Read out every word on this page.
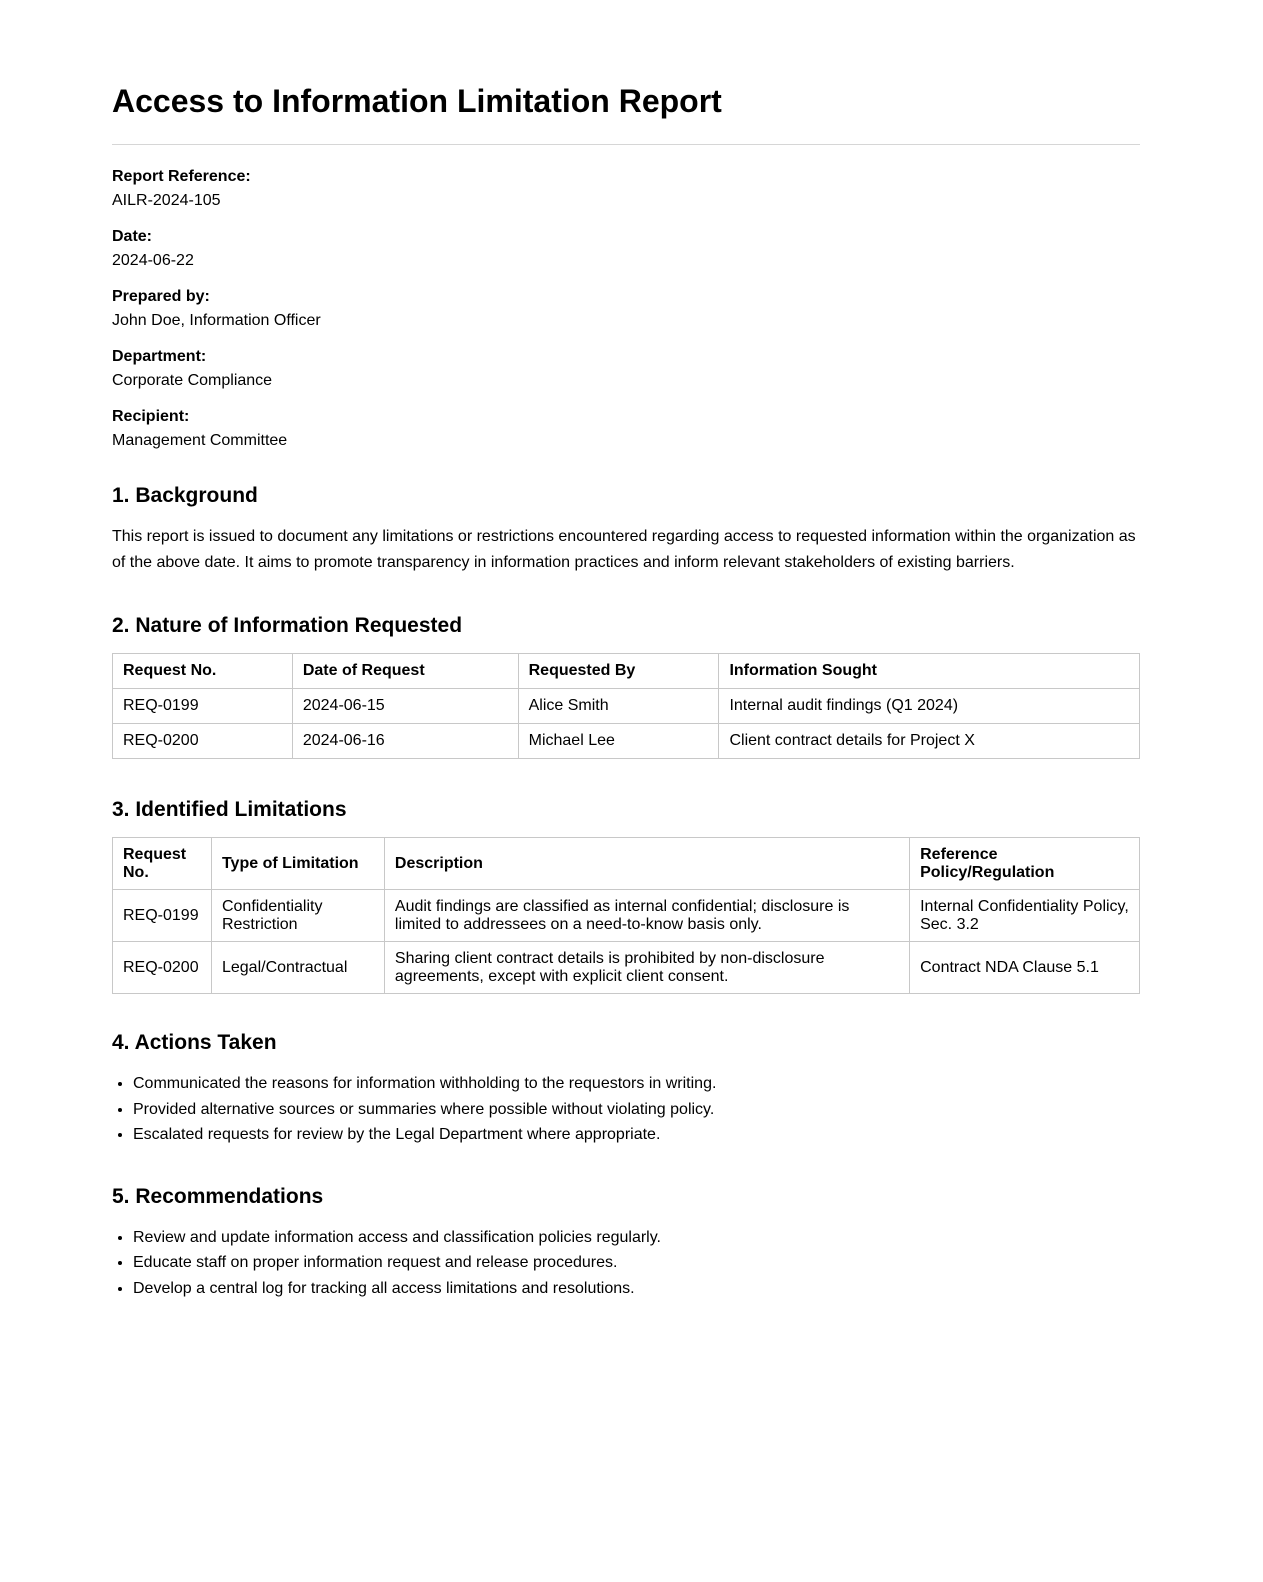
Access to Information Limitation Report
Report Reference:
AILR-2024-105
Date:
2024-06-22
Prepared by:
John Doe, Information Officer
Department:
Corporate Compliance
Recipient:
Management Committee
1. Background

This report is issued to document any limitations or restrictions encountered regarding access to requested information within the organization as of the above date. It aims to promote transparency in information practices and inform relevant stakeholders of existing barriers.

2. Nature of Information Requested
Request No.	Date of Request	Requested By	Information Sought
REQ-0199	2024-06-15	Alice Smith	Internal audit findings (Q1 2024)
REQ-0200	2024-06-16	Michael Lee	Client contract details for Project X
3. Identified Limitations
Request No.	Type of Limitation	Description	Reference Policy/Regulation
REQ-0199	Confidentiality Restriction	Audit findings are classified as internal confidential; disclosure is limited to addressees on a need-to-know basis only.	Internal Confidentiality Policy, Sec. 3.2
REQ-0200	Legal/Contractual	Sharing client contract details is prohibited by non-disclosure agreements, except with explicit client consent.	Contract NDA Clause 5.1
4. Actions Taken
• Communicated the reasons for information withholding to the requestors in writing.
• Provided alternative sources or summaries where possible without violating policy.
• Escalated requests for review by the Legal Department where appropriate.
5. Recommendations
• Review and update information access and classification policies regularly.
• Educate staff on proper information request and release procedures.
• Develop a central log for tracking all access limitations and resolutions.
